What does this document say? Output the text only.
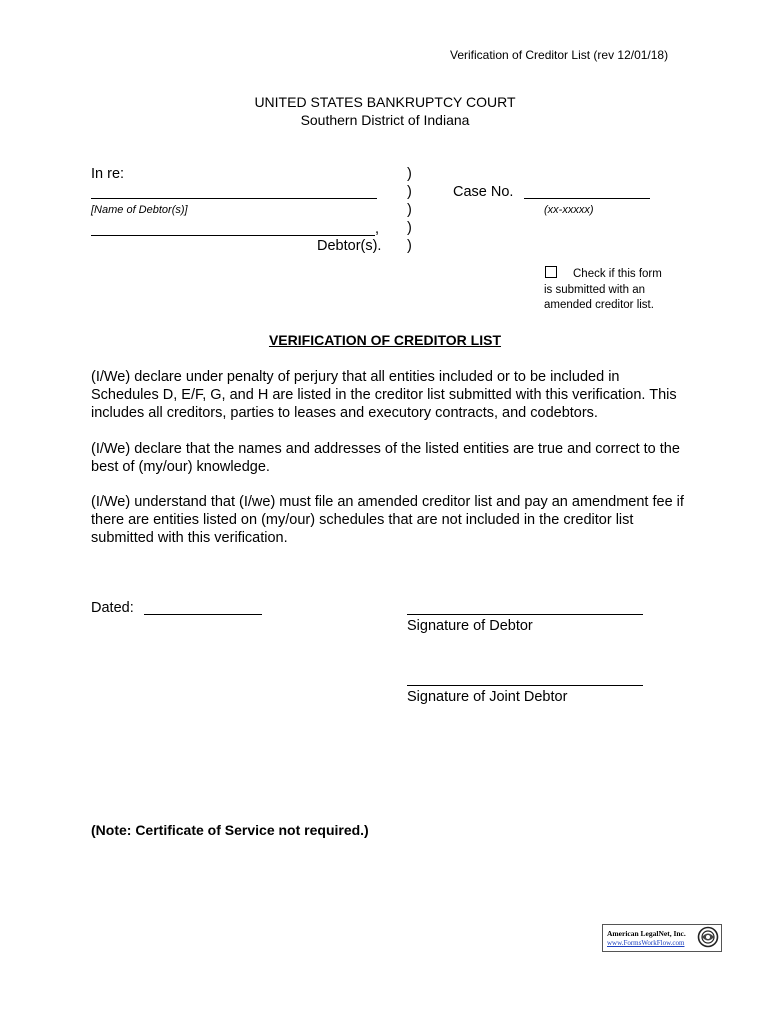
Verification of Creditor List (rev 12/01/18)
UNITED STATES BANKRUPTCY COURT
Southern District of Indiana
In re:
[Name of Debtor(s)]
,
Debtor(s).
)
)
)
)
)
Case No.
(xx-xxxxx)
Check if this form
is submitted with an
amended creditor list.
VERIFICATION OF CREDITOR LIST
(I/We) declare under penalty of perjury that all entities included or to be included in Schedules D, E/F, G, and H are listed in the creditor list submitted with this verification. This includes all creditors, parties to leases and executory contracts, and codebtors.
(I/We) declare that the names and addresses of the listed entities are true and correct to the best of (my/our) knowledge.
(I/We) understand that (I/we) must file an amended creditor list and pay an amendment fee if there are entities listed on (my/our) schedules that are not included in the creditor list submitted with this verification.
Dated:
Signature of Debtor
Signature of Joint Debtor
(Note: Certificate of Service not required.)
American LegalNet, Inc.
www.FormsWorkFlow.com
